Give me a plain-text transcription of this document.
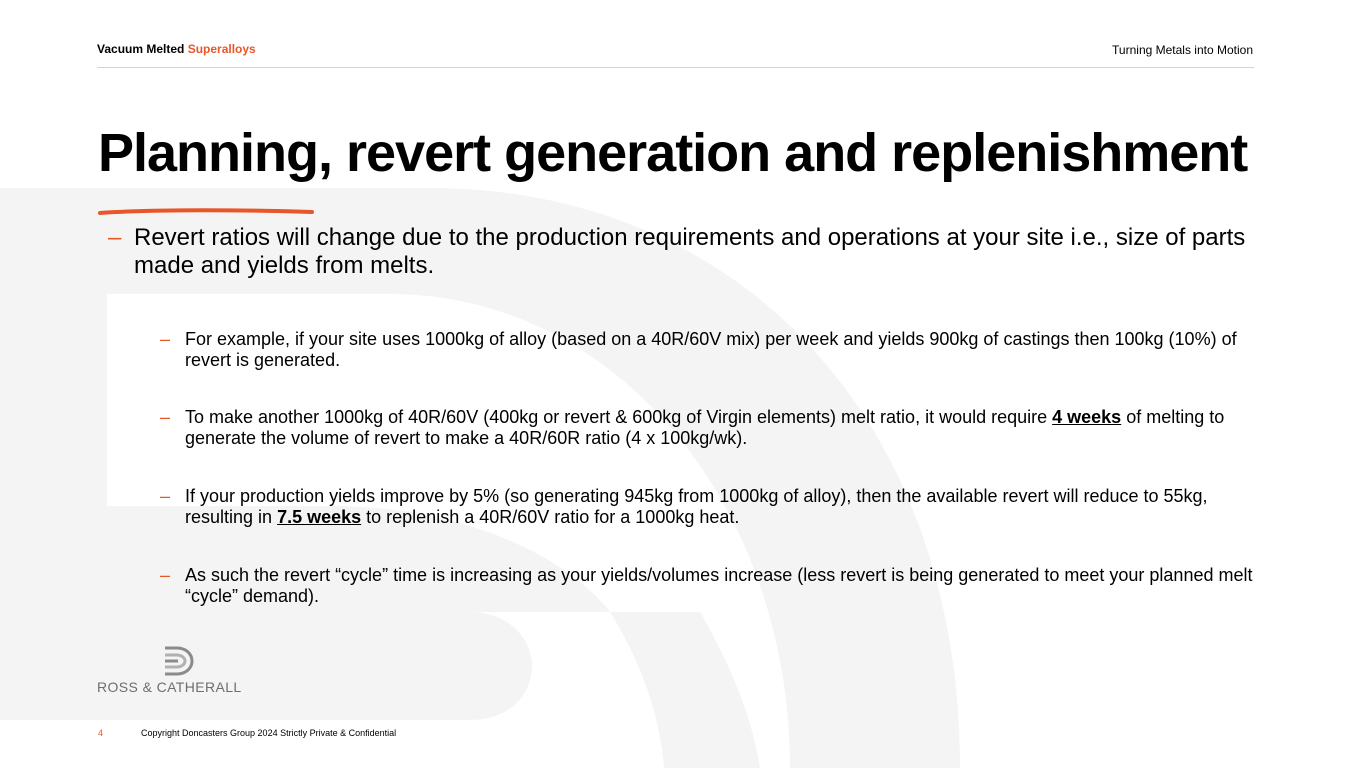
Vacuum Melted Superalloys	Turning Metals into Motion
Planning, revert generation and replenishment
– Revert ratios will change due to the production requirements and operations at your site i.e., size of parts made and yields from melts.
– For example, if your site uses 1000kg of alloy (based on a 40R/60V mix) per week and yields 900kg of castings then 100kg (10%) of revert is generated.
– To make another 1000kg of 40R/60V (400kg or revert & 600kg of Virgin elements) melt ratio, it would require 4 weeks of melting to generate the volume of revert to make a 40R/60R ratio (4 x 100kg/wk).
– If your production yields improve by 5% (so generating 945kg from 1000kg of alloy), then the available revert will reduce to 55kg, resulting in 7.5 weeks to replenish a 40R/60V ratio for a 1000kg heat.
– As such the revert “cycle” time is increasing as your yields/volumes increase (less revert is being generated to meet your planned melt “cycle” demand).
ROSS & CATHERALL
4	Copyright Doncasters Group 2024 Strictly Private & Confidential
